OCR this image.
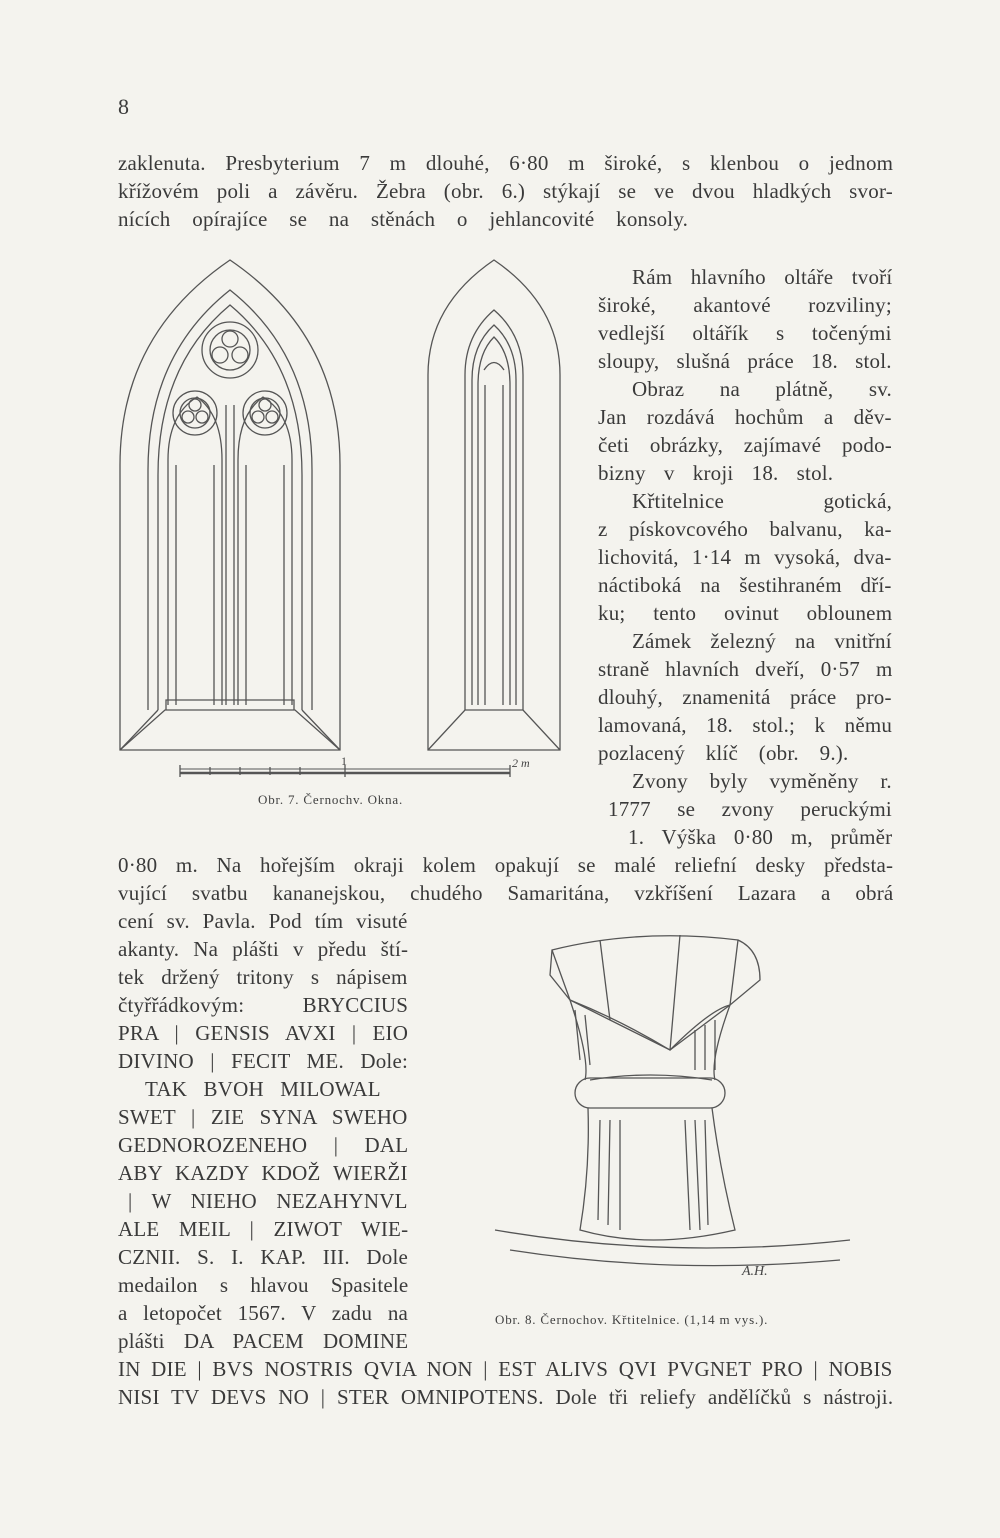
8
zaklenuta. Presbyterium 7 m dlouhé, 6·80 m široké, s klenbou o jednom
křížovém poli a závěru. Žebra (obr. 6.) stýkají se ve dvou hladkých svor-
nících opírajíce se na stěnách o jehlancovité konsoly.
Rám hlavního oltáře tvoří
široké, akantové rozviliny;
vedlejší oltářík s točenými
sloupy, slušná práce 18. stol.
Obraz na plátně, sv.
Jan rozdává hochům a děv-
četi obrázky, zajímavé podo-
bizny v kroji 18. stol.
Křtitelnice gotická,
z pískovcového balvanu, ka-
lichovitá, 1·14 m vysoká, dva-
náctiboká na šestihraném dří-
ku; tento ovinut oblounem
Zámek železný na vnitřní
straně hlavních dveří, 0·57 m
dlouhý, znamenitá práce pro-
lamovaná, 18. stol.; k němu
pozlacený klíč (obr. 9.).
Zvony byly vyměněny r.
1777 se zvony peruckými
1. Výška 0·80 m, průměr
0·80 m. Na hořejším okraji kolem opakují se malé reliefní desky předsta-
vující svatbu kananejskou, chudého Samaritána, vzkříšení Lazara a obrá
cení sv. Pavla. Pod tím visuté
akanty. Na plášti v předu ští-
tek držený tritony s nápisem
čtyřřádkovým: BRYCCIUS
PRA | GENSIS AVXI | EIO
DIVINO | FECIT ME. Dole:
TAK BVOH MILOWAL
SWET | ZIE SYNA SWEHO
GEDNOROZENEHO | DAL
ABY KAZDY KDOŽ WIERŽI
| W NIEHO NEZAHYNVL
ALE MEIL | ZIWOT WIE-
CZNII. S. I. KAP. III. Dole
medailon s hlavou Spasitele
a letopočet 1567. V zadu na
plášti DA PACEM DOMINE
IN DIE | BVS NOSTRIS QVIA NON | EST ALIVS QVI PVGNET PRO | NOBIS
NISI TV DEVS NO | STER OMNIPOTENS. Dole tři reliefy andělíčků s nástroji.
1	2 m
Obr. 7. Černochv. Okna.
A.H.
Obr. 8. Černochov. Křtitelnice. (1,14 m vys.).
